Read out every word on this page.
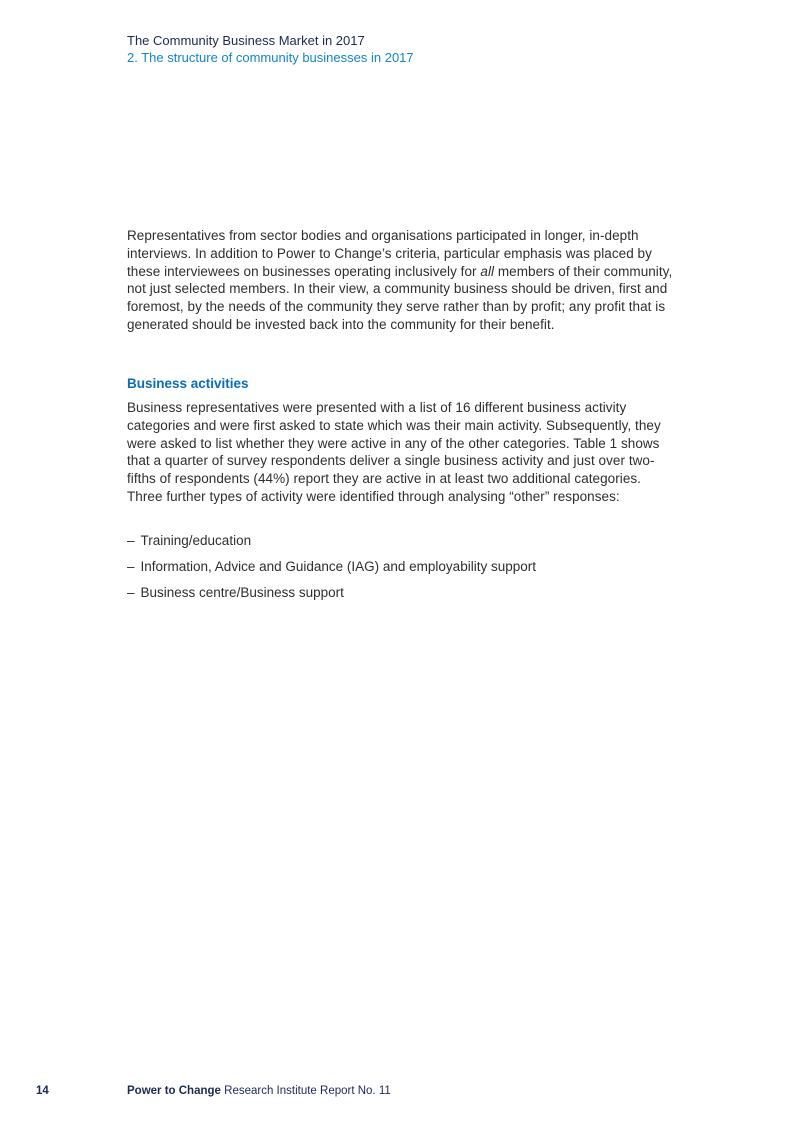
The Community Business Market in 2017
2. The structure of community businesses in 2017

Representatives from sector bodies and organisations participated in longer, in-depth interviews. In addition to Power to Change’s criteria, particular emphasis was placed by these interviewees on businesses operating inclusively for all members of their community, not just selected members. In their view, a community business should be driven, first and foremost, by the needs of the community they serve rather than by profit; any profit that is generated should be invested back into the community for their benefit.

Business activities

Business representatives were presented with a list of 16 different business activity categories and were first asked to state which was their main activity. Subsequently, they were asked to list whether they were active in any of the other categories. Table 1 shows that a quarter of survey respondents deliver a single business activity and just over two-fifths of respondents (44%) report they are active in at least two additional categories. Three further types of activity were identified through analysing “other” responses:

– Training/education
– Information, Advice and Guidance (IAG) and employability support
– Business centre/Business support
14	Power to Change Research Institute Report No. 11
